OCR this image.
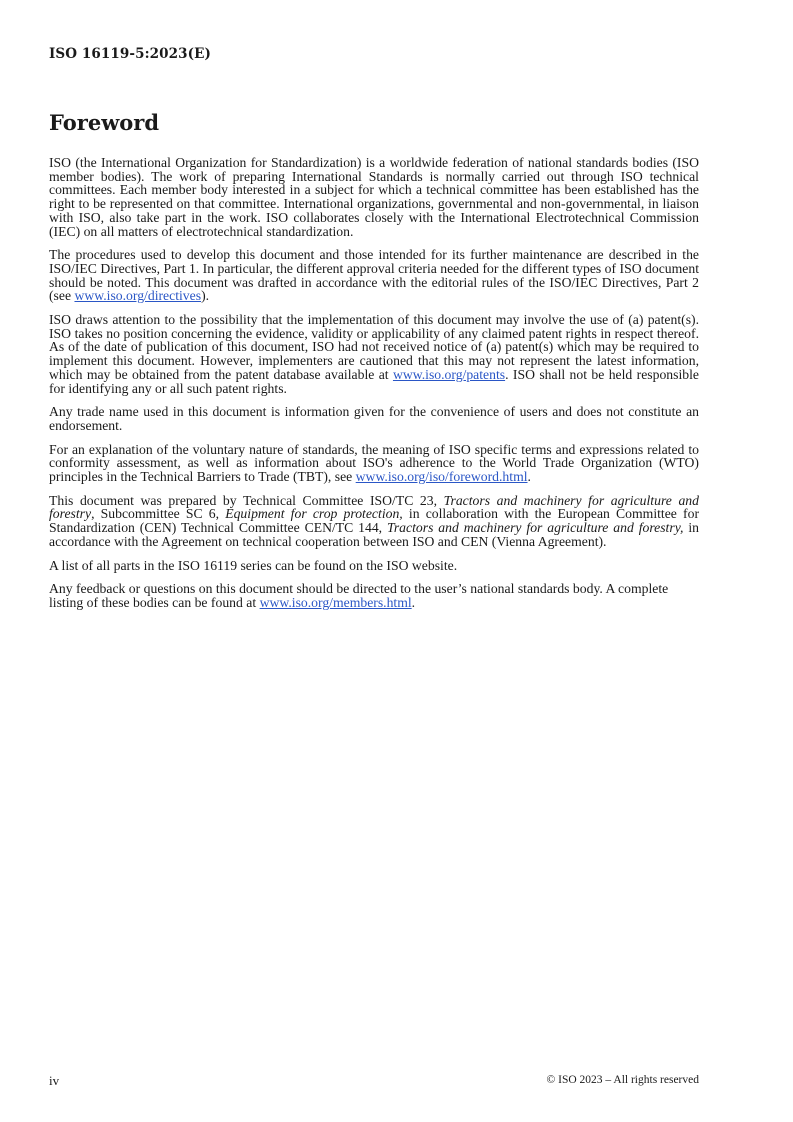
ISO 16119-5:2023(E)

Foreword

ISO (the International Organization for Standardization) is a worldwide federation of national standards bodies (ISO member bodies). The work of preparing International Standards is normally carried out through ISO technical committees. Each member body interested in a subject for which a technical committee has been established has the right to be represented on that committee. International organizations, governmental and non-governmental, in liaison with ISO, also take part in the work. ISO collaborates closely with the International Electrotechnical Commission (IEC) on all matters of electrotechnical standardization.

The procedures used to develop this document and those intended for its further maintenance are described in the ISO/IEC Directives, Part 1. In particular, the different approval criteria needed for the different types of ISO document should be noted. This document was drafted in accordance with the editorial rules of the ISO/IEC Directives, Part 2 (see www.iso.org/directives).

ISO draws attention to the possibility that the implementation of this document may involve the use of (a) patent(s). ISO takes no position concerning the evidence, validity or applicability of any claimed patent rights in respect thereof. As of the date of publication of this document, ISO had not received notice of (a) patent(s) which may be required to implement this document. However, implementers are cautioned that this may not represent the latest information, which may be obtained from the patent database available at www.iso.org/patents. ISO shall not be held responsible for identifying any or all such patent rights.

Any trade name used in this document is information given for the convenience of users and does not constitute an endorsement.

For an explanation of the voluntary nature of standards, the meaning of ISO specific terms and expressions related to conformity assessment, as well as information about ISO's adherence to the World Trade Organization (WTO) principles in the Technical Barriers to Trade (TBT), see www.iso.org/iso/foreword.html.

This document was prepared by Technical Committee ISO/TC 23, Tractors and machinery for agriculture and forestry, Subcommittee SC 6, Equipment for crop protection, in collaboration with the European Committee for Standardization (CEN) Technical Committee CEN/TC 144, Tractors and machinery for agriculture and forestry, in accordance with the Agreement on technical cooperation between ISO and CEN (Vienna Agreement).

A list of all parts in the ISO 16119 series can be found on the ISO website.

Any feedback or questions on this document should be directed to the user’s national standards body. A complete listing of these bodies can be found at www.iso.org/members.html.

iv	© ISO 2023 – All rights reserved
